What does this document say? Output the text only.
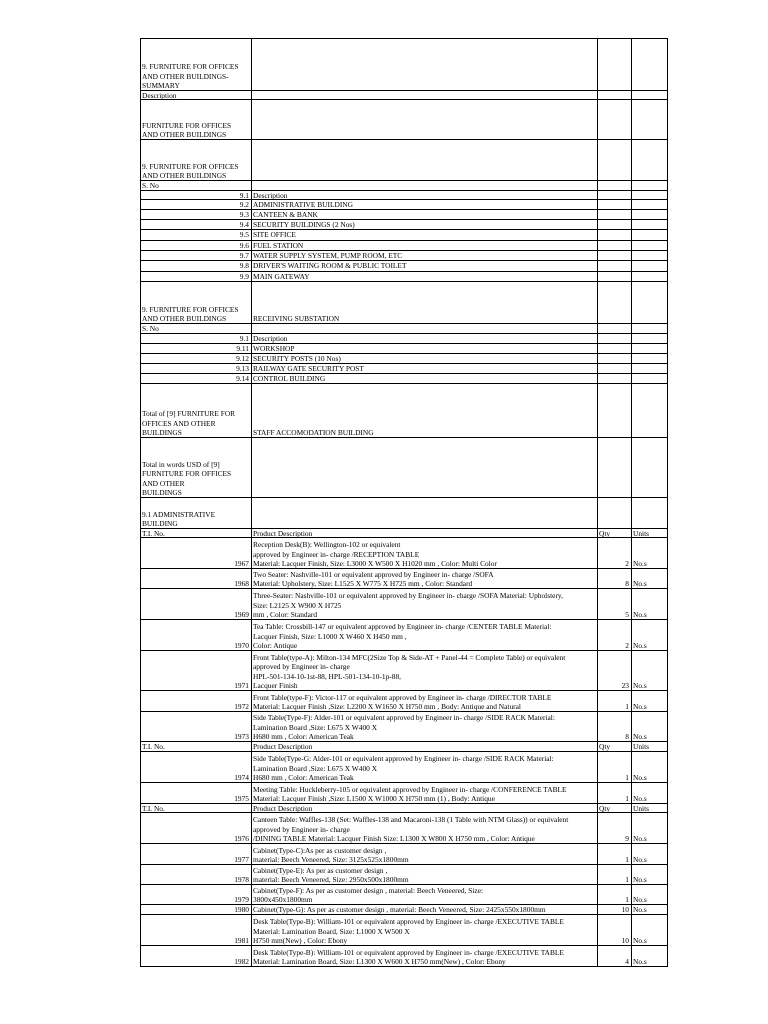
9. FURNITURE FOR OFFICES
AND OTHER BUILDINGS-
SUMMARY
Description
FURNITURE FOR OFFICES
AND OTHER BUILDINGS
9. FURNITURE FOR OFFICES
AND OTHER BUILDINGS
S. No
9.1 Description
9.2 ADMINISTRATIVE BUILDING
9.3 CANTEEN & BANK
9.4 SECURITY BUILDINGS (2 Nos)
9.5 SITE OFFICE
9.6 FUEL STATION
9.7 WATER SUPPLY SYSTEM, PUMP ROOM, ETC
9.8 DRIVER'S WAITING ROOM & PUBLIC TOILET
9.9 MAIN GATEWAY
9. FURNITURE FOR OFFICES
AND OTHER BUILDINGS	RECEIVING SUBSTATION
S. No
9.1 Description
9.11 WORKSHOP
9.12 SECURITY POSTS (10 Nos)
9.13 RAILWAY GATE SECURITY POST
9.14 CONTROL BUILDING
Total of [9] FURNITURE FOR
OFFICES AND OTHER
BUILDINGS	STAFF ACCOMODATION BUILDING
Total in words USD of [9]
FURNITURE FOR OFFICES
AND OTHER
BUILDINGS
9.1 ADMINISTRATIVE
BUILDING
T.I. No.	Product Description	Qty	Units
1967
Reception Desk(B): Wellington-102 or equivalent
approved by Engineer in- charge /RECEPTION TABLE
Material: Lacquer Finish, Size: L3000 X W500 X H1020 mm , Color: Multi Color	2 No.s
1968
Two Seater: Nashville-101 or equivalent approved by Engineer in- charge /SOFA
Material: Upholstery, Size: L1525 X W775 X H725 mm , Color: Standard	8 No.s
1969
Three-Seater: Nashville-101 or equivalent approved by Engineer in- charge /SOFA Material: Upholstery,
Size: L2125 X W900 X H725
mm , Color: Standard	5 No.s
1970
Tea Table: Crossbill-147 or equivalent approved by Engineer in- charge /CENTER TABLE Material:
Lacquer Finish, Size: L1000 X W460 X H450 mm ,
Color: Antique	2 No.s
1971
Front Table(type-A): Milton-134 MFC(2Size Top & Side-AT + Panel-44 = Complete Table) or equivalent
approved by Engineer in- charge
HPL-501-134-10-1st-88, HPL-501-134-10-1p-88,
Lacquer Finish	23 No.s
1972
Front Table(type-F): Victor-117 or equivalent approved by Engineer in- charge /DIRECTOR TABLE
Material: Lacquer Finish ,Size: L2200 X W1650 X H750 mm , Body: Antique and Natural	1 No.s
1973
Side Table(Type-F): Alder-101 or equivalent approved by Engineer in- charge /SIDE RACK Material:
Lamination Board ,Size: L675 X W400 X
H680 mm , Color: American Teak	8 No.s
T.I. No.	Product Description	Qty	Units
1974
Side Table(Type-G: Alder-101 or equivalent approved by Engineer in- charge /SIDE RACK Material:
Lamination Board ,Size: L675 X W400 X
H680 mm , Color: American Teak	1 No.s
1975
Meeting Table: Huckleberry-105 or equivalent approved by Engineer in- charge /CONFERENCE TABLE
Material: Lacquer Finish ,Size: L1500 X W1000 X H750 mm (1) , Body: Antique	1 No.s
T.I. No.	Product Description	Qty	Units
1976
Canteen Table: Waffles-138 (Set: Waffles-138 and Macaroni-138 (1 Table with NTM Glass)) or equivalent
approved by Engineer in- charge
/DINING TABLE Material: Lacquer Finish Size: L1300 X W800 X H750 mm , Color: Antique	9 No.s
1977
Cabinet(Type-C):As per as customer design ,
material: Beech Veneered, Size: 3125x525x1800mm	1 No.s
1978
Cabinet(Type-E): As per as customer design ,
material: Beech Veneered, Size: 2950x500x1800mm	1 No.s
1979
Cabinet(Type-F): As per as customer design , material: Beech Veneered, Size:
3800x450x1800mm	1 No.s
1980 Cabinet(Type-G): As per as customer design , material: Beech Veneered, Size: 2425x550x1800mm	10 No.s
1981
Desk Table(Type-B): William-101 or equivalent approved by Engineer in- charge /EXECUTIVE TABLE
Material: Lamination Board, Size: L1000 X W500 X
H750 mm(New) , Color: Ebony	10 No.s
1982
Desk Table(Type-B): William-101 or equivalent approved by Engineer in- charge /EXECUTIVE TABLE
Material: Lamination Board, Size: L1300 X W600 X H750 mm(New) , Color: Ebony	4 No.s
